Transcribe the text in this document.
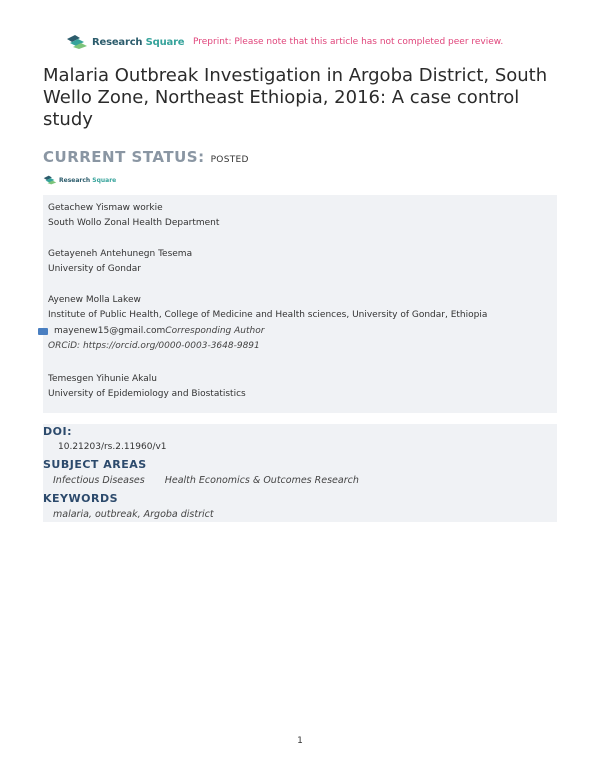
Research Square Preprint: Please note that this article has not completed peer review.
Malaria Outbreak Investigation in Argoba District, South Wello Zone, Northeast Ethiopia, 2016: A case control study
CURRENT STATUS: POSTED
Research Square
Getachew Yismaw workie
South Wollo Zonal Health Department
Getayeneh Antehunegn Tesema
University of Gondar
Ayenew Molla Lakew
Institute of Public Health, College of Medicine and Health sciences, University of Gondar, Ethiopia
mayenew15@gmail.com Corresponding Author
ORCiD: https://orcid.org/0000-0003-3648-9891
Temesgen Yihunie Akalu
University of Epidemiology and Biostatistics
DOI:
10.21203/rs.2.11960/v1
SUBJECT AREAS
Infectious Diseases Health Economics & Outcomes Research
KEYWORDS
malaria, outbreak, Argoba district
1
